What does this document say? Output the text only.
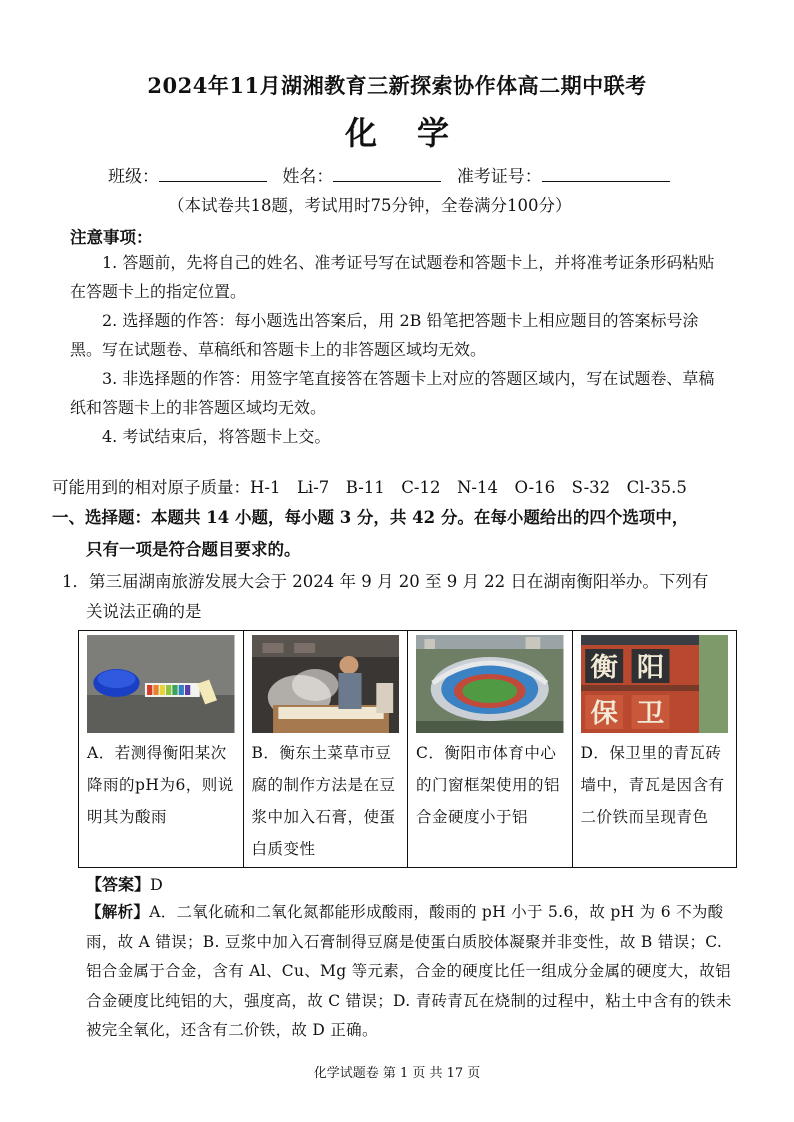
2024年11月湖湘教育三新探索协作体高二期中联考
化学
班级：	姓名：	准考证号：
（本试卷共18题，考试用时75分钟，全卷满分100分）
注意事项：
1. 答题前，先将自己的姓名、准考证号写在试题卷和答题卡上，并将准考证条形码粘贴在答题卡上的指定位置。
2. 选择题的作答：每小题选出答案后，用 2B 铅笔把答题卡上相应题目的答案标号涂黑。写在试题卷、草稿纸和答题卡上的非答题区域均无效。
3. 非选择题的作答：用签字笔直接答在答题卡上对应的答题区域内，写在试题卷、草稿纸和答题卡上的非答题区域均无效。
4. 考试结束后，将答题卡上交。
可能用到的相对原子质量：H-1　Li-7　B-11　C-12　N-14　O-16　S-32　Cl-35.5
一、选择题：本题共 14 小题，每小题 3 分，共 42 分。在每小题给出的四个选项中，
只有一项是符合题目要求的。
1．第三届湖南旅游发展大会于 2024 年 9 月 20 至 9 月 22 日在湖南衡阳举办。下列有
关说法正确的是
A．若测得衡阳某次降雨的pH为6，则说明其为酸雨
B．衡东土菜草市豆腐的制作方法是在豆浆中加入石膏，使蛋白质变性
C．衡阳市体育中心的门窗框架使用的铝合金硬度小于铝
衡 阳
保 卫
D．保卫里的青瓦砖墙中，青瓦是因含有二价铁而呈现青色
【答案】D
【解析】A．二氧化硫和二氧化氮都能形成酸雨，酸雨的 pH 小于 5.6，故 pH 为 6 不为酸雨，故 A 错误；B. 豆浆中加入石膏制得豆腐是使蛋白质胶体凝聚并非变性，故 B 错误；C. 铝合金属于合金，含有 Al、Cu、Mg 等元素，合金的硬度比任一组成分金属的硬度大，故铝合金硬度比纯铝的大，强度高，故 C 错误；D. 青砖青瓦在烧制的过程中，粘土中含有的铁未被完全氧化，还含有二价铁，故 D 正确。
化学试题卷 第 1 页 共 17 页
